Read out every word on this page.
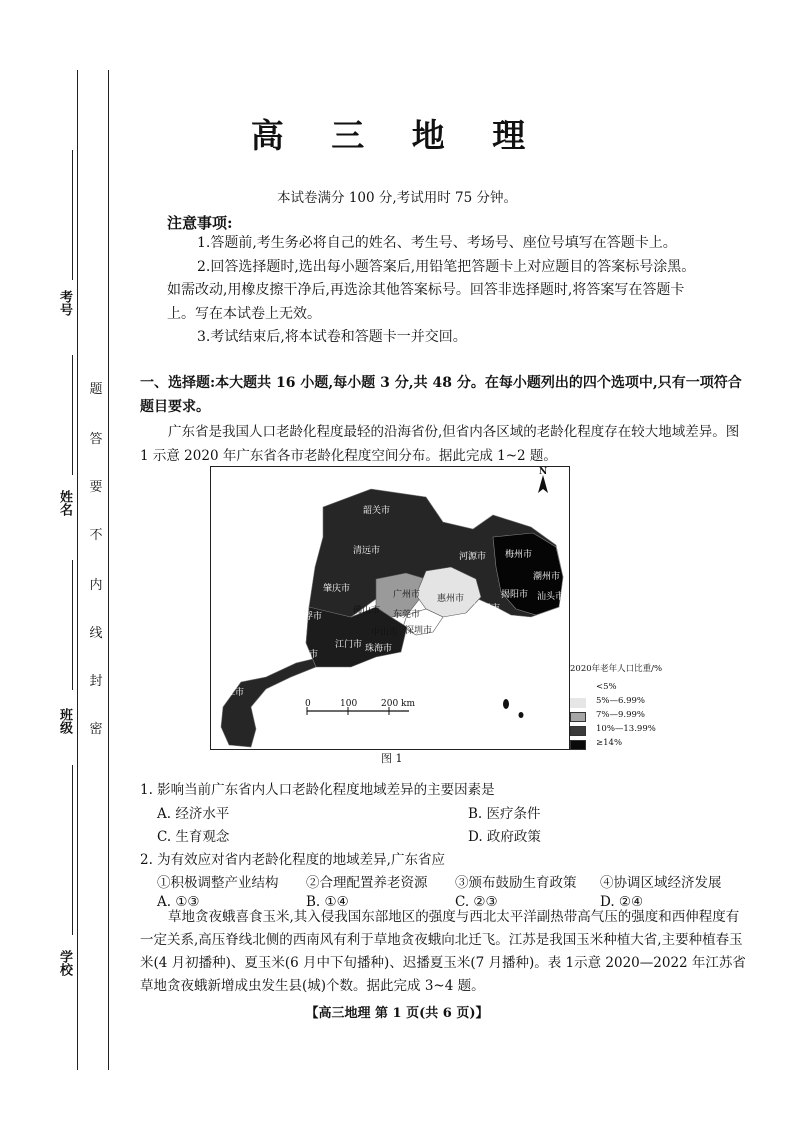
考号
姓名
班级
学校
题
答
要
不
内
线
封
密
高 三 地 理
本试卷满分 100 分,考试用时 75 分钟。
注意事项:

1.答题前,考生务必将自己的姓名、考生号、考场号、座位号填写在答题卡上。

2.回答选择题时,选出每小题答案后,用铅笔把答题卡上对应题目的答案标号涂黑。如需改动,用橡皮擦干净后,再选涂其他答案标号。回答非选择题时,将答案写在答题卡上。写在本试卷上无效。

3.考试结束后,将本试卷和答题卡一并交回。

一、选择题:本大题共 16 小题,每小题 3 分,共 48 分。在每小题列出的四个选项中,只有一项符合题目要求。

广东省是我国人口老龄化程度最轻的沿海省份,但省内各区域的老龄化程度存在较大地域差异。图 1 示意 2020 年广东省各市老龄化程度空间分布。据此完成 1~2 题。

N
韶关市
清远市
河源市 梅州市
潮州市
揭阳市 汕头市
汕尾市
肇庆市
广州市 惠州市
佛山市 东莞市
云浮市
中山市 深圳市
江门市 珠海市
茂名市 阳江市
湛江市
0	100	200 km
2020年老年人口比重/%
<5%
5%—6.99%
7%—9.99%
10%—13.99%
≥14%
图 1
1. 影响当前广东省内人口老龄化程度地域差异的主要因素是
A. 经济水平	B. 医疗条件
C. 生育观念	D. 政府政策
2. 为有效应对省内老龄化程度的地域差异,广东省应
①积极调整产业结构 ②合理配置养老资源 ③颁布鼓励生育政策 ④协调区域经济发展
A. ①③	B. ①④	C. ②③	D. ②④

草地贪夜蛾喜食玉米,其入侵我国东部地区的强度与西北太平洋副热带高气压的强度和西伸程度有一定关系,高压脊线北侧的西南风有利于草地贪夜蛾向北迁飞。江苏是我国玉米种植大省,主要种植春玉米(4 月初播种)、夏玉米(6 月中下旬播种)、迟播夏玉米(7 月播种)。表 1示意 2020—2022 年江苏省草地贪夜蛾新增成虫发生县(城)个数。据此完成 3~4 题。

【高三地理 第 1 页(共 6 页)】
